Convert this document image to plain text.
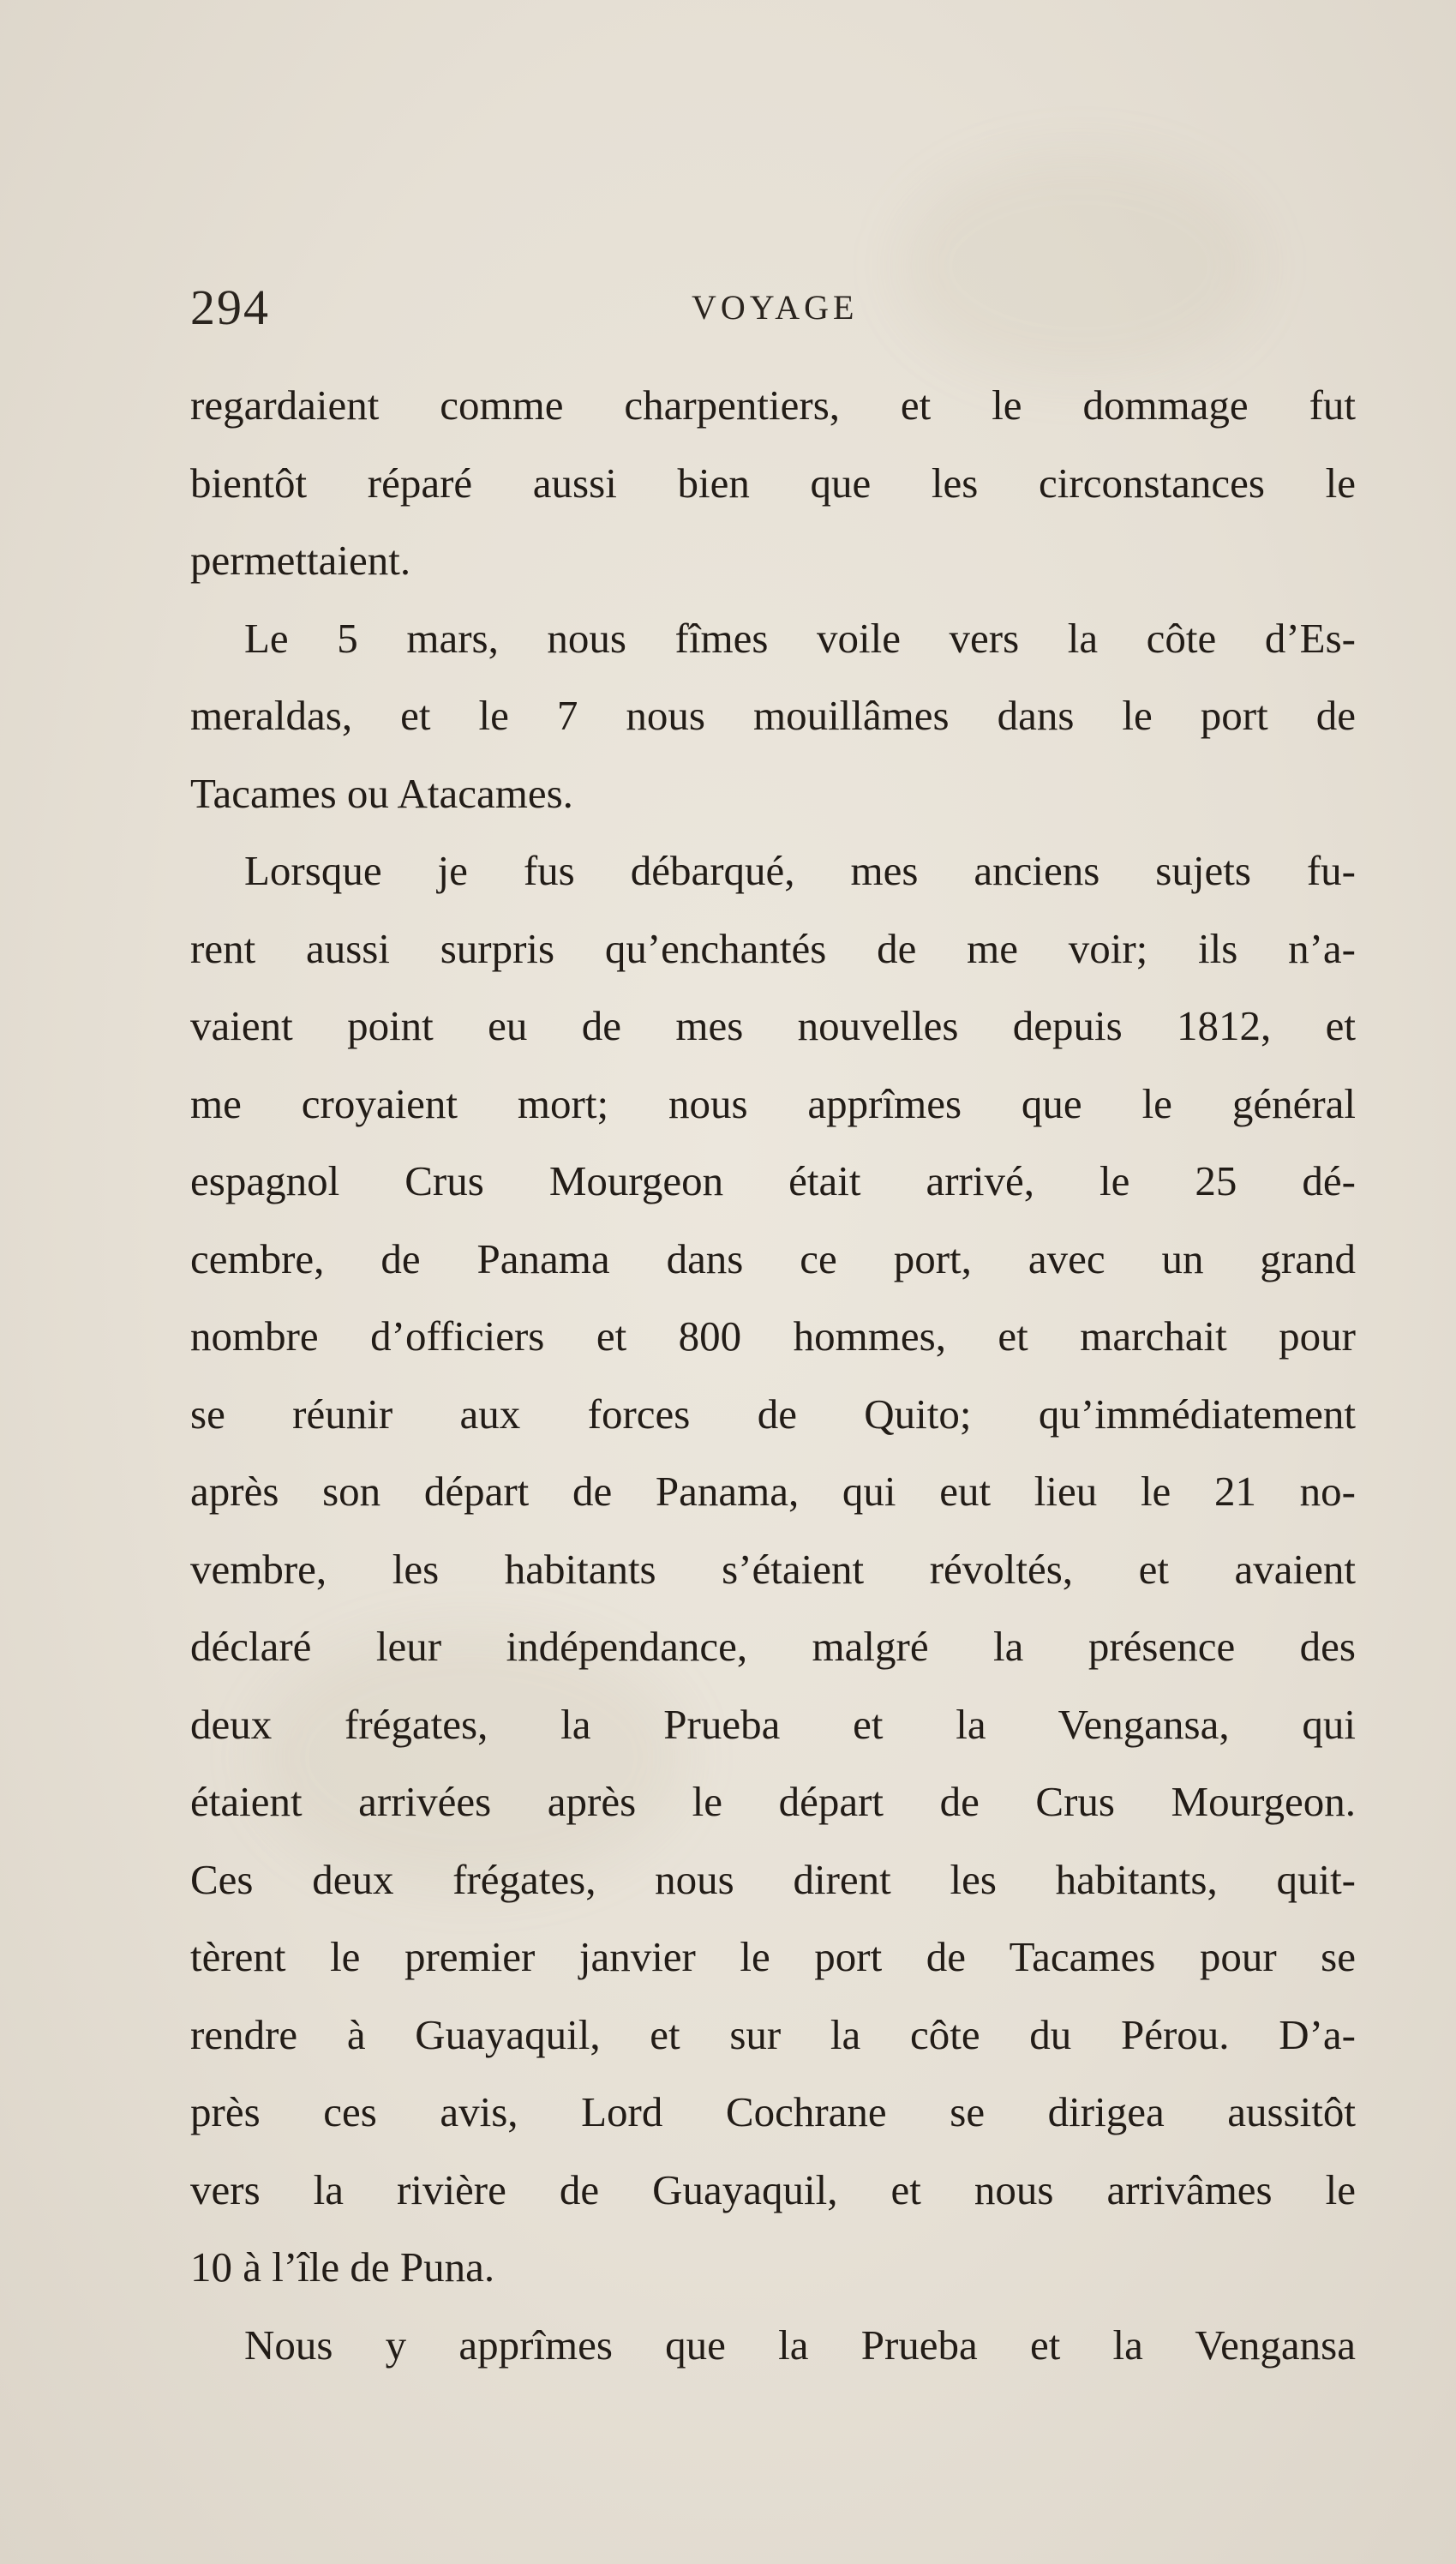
294	VOYAGE
regardaient comme charpentiers, et le dommage fut
bientôt réparé aussi bien que les circonstances le
permettaient.
Le 5 mars, nous fîmes voile vers la côte d’Es-
meraldas, et le 7 nous mouillâmes dans le port de
Tacames ou Atacames.
Lorsque je fus débarqué, mes anciens sujets fu-
rent aussi surpris qu’enchantés de me voir; ils n’a-
vaient point eu de mes nouvelles depuis 1812, et
me croyaient mort; nous apprîmes que le général
espagnol Crus Mourgeon était arrivé, le 25 dé-
cembre, de Panama dans ce port, avec un grand
nombre d’officiers et 800 hommes, et marchait pour
se réunir aux forces de Quito; qu’immédiatement
après son départ de Panama, qui eut lieu le 21 no-
vembre, les habitants s’étaient révoltés, et avaient
déclaré leur indépendance, malgré la présence des
deux frégates, la Prueba et la Vengansa, qui
étaient arrivées après le départ de Crus Mourgeon.
Ces deux frégates, nous dirent les habitants, quit-
tèrent le premier janvier le port de Tacames pour se
rendre à Guayaquil, et sur la côte du Pérou. D’a-
près ces avis, Lord Cochrane se dirigea aussitôt
vers la rivière de Guayaquil, et nous arrivâmes le
10 à l’île de Puna.
Nous y apprîmes que la Prueba et la Vengansa
